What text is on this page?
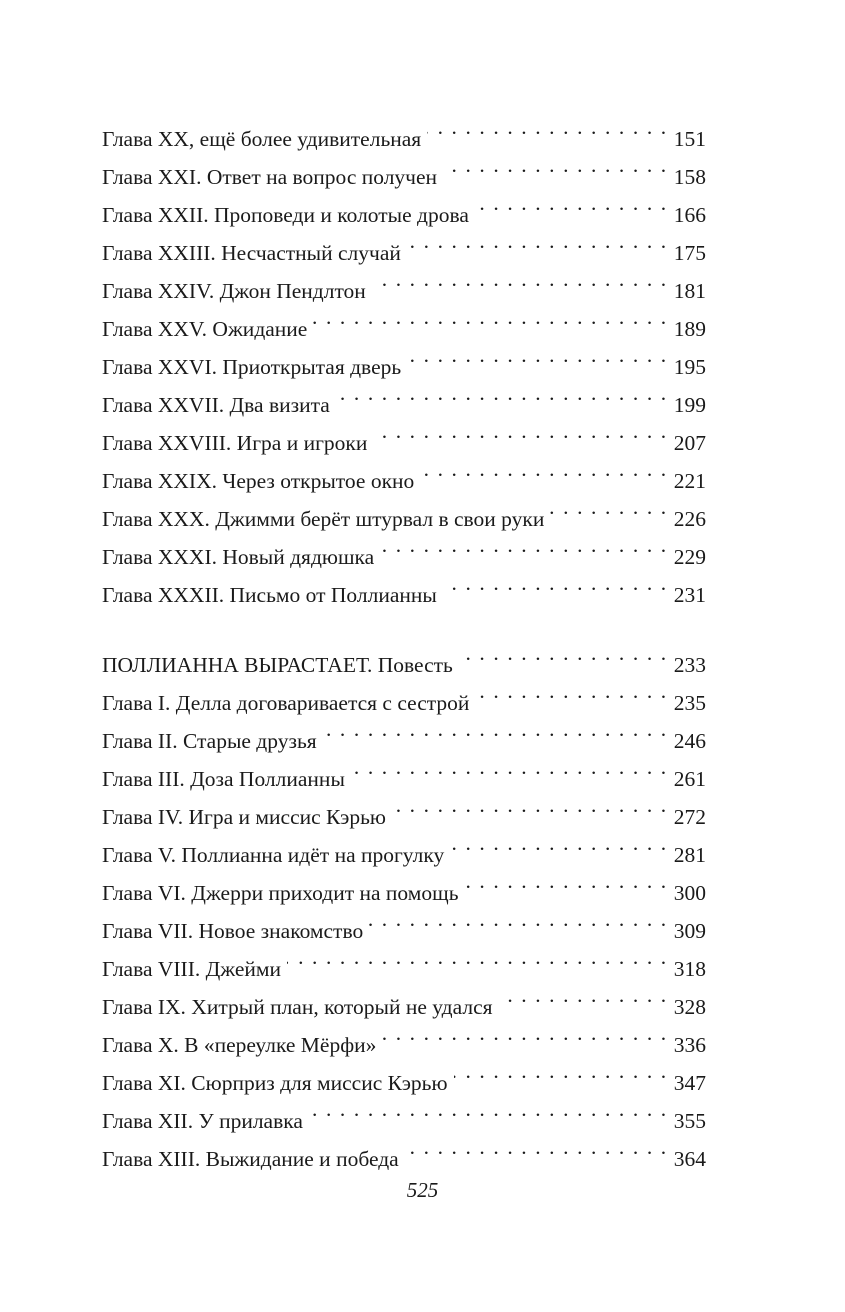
Глава XX, ещё более удивительная . . .	151
Глава XXI. Ответ на вопрос получен . . .	158
Глава XXII. Проповеди и колотые дрова . . .	166
Глава XXIII. Несчастный случай . . .	175
Глава XXIV. Джон Пендлтон . . .	181
Глава XXV. Ожидание . . .	189
Глава XXVI. Приоткрытая дверь . . .	195
Глава XXVII. Два визита . . .	199
Глава XXVIII. Игра и игроки . . .	207
Глава XXIX. Через открытое окно . . .	221
Глава XXX. Джимми берёт штурвал в свои руки . . .	226
Глава XXXI. Новый дядюшка . . .	229
Глава XXXII. Письмо от Поллианны . . .	231
ПОЛЛИАННА ВЫРАСТАЕТ. Повесть . . .	233
Глава I. Делла договаривается с сестрой . . .	235
Глава II. Старые друзья . . .	246
Глава III. Доза Поллианны . . .	261
Глава IV. Игра и миссис Кэрью . . .	272
Глава V. Поллианна идёт на прогулку . . .	281
Глава VI. Джерри приходит на помощь . . .	300
Глава VII. Новое знакомство . . .	309
Глава VIII. Джейми . . .	318
Глава IX. Хитрый план, который не удался . . .	328
Глава X. В «переулке Мёрфи» . . .	336
Глава XI. Сюрприз для миссис Кэрью . . .	347
Глава XII. У прилавка . . .	355
Глава XIII. Выжидание и победа . . .	364
525
